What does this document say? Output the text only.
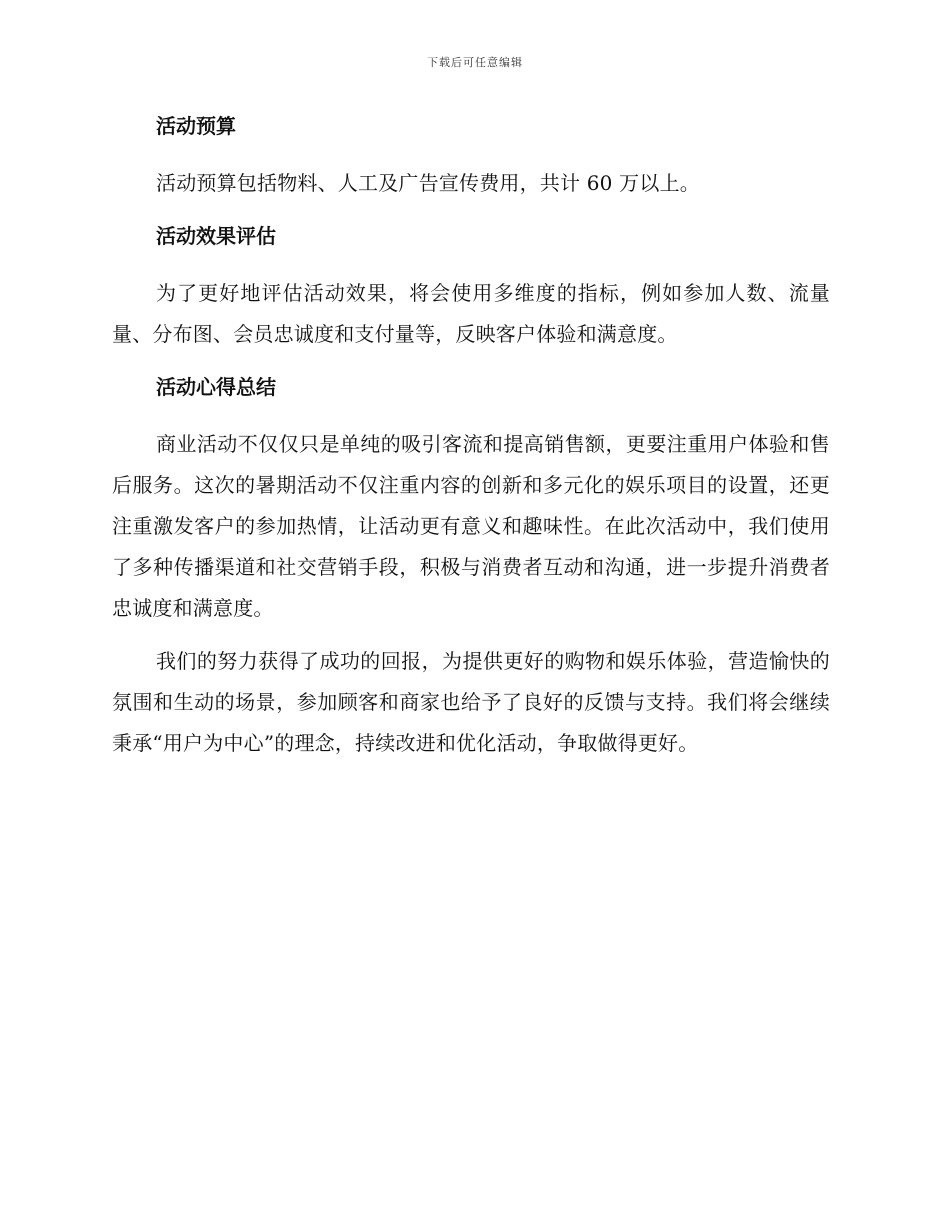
下载后可任意编辑
活动预算

活动预算包括物料、人工及广告宣传费用，共计 60 万以上。

活动效果评估

为了更好地评估活动效果，将会使用多维度的指标，例如参加人数、流量量、分布图、会员忠诚度和支付量等，反映客户体验和满意度。

活动心得总结

商业活动不仅仅只是单纯的吸引客流和提高销售额，更要注重用户体验和售后服务。这次的暑期活动不仅注重内容的创新和多元化的娱乐项目的设置，还更注重激发客户的参加热情，让活动更有意义和趣味性。在此次活动中，我们使用了多种传播渠道和社交营销手段，积极与消费者互动和沟通，进一步提升消费者忠诚度和满意度。

我们的努力获得了成功的回报，为提供更好的购物和娱乐体验，营造愉快的氛围和生动的场景，参加顾客和商家也给予了良好的反馈与支持。我们将会继续秉承“用户为中心”的理念，持续改进和优化活动，争取做得更好。
